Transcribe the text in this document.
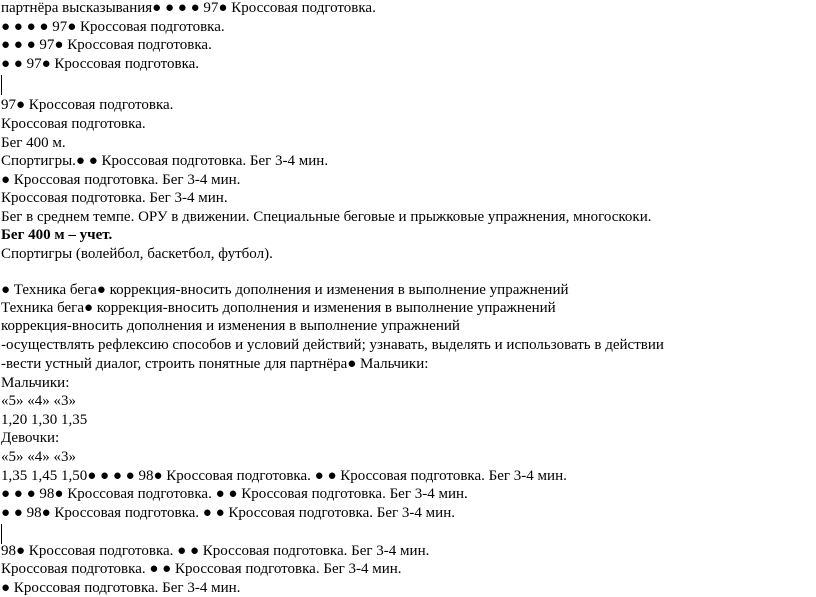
партнёра высказывания● ● ● ● 97● Кроссовая подготовка.
● ● ● ● 97● Кроссовая подготовка.
● ● ● 97● Кроссовая подготовка.
● ● 97● Кроссовая подготовка.
97● Кроссовая подготовка.
Кроссовая подготовка.
Бег 400 м.
Спортигры.● ● Кроссовая подготовка. Бег 3-4 мин.
● Кроссовая подготовка. Бег 3-4 мин.
Кроссовая подготовка. Бег 3-4 мин.
Бег в среднем темпе. ОРУ в движении. Специальные беговые и прыжковые упражнения, многоскоки.
Бег 400 м – учет.
Спортигры (волейбол, баскетбол, футбол).
● Техника бега● коррекция-вносить дополнения и изменения в выполнение упражнений
Техника бега● коррекция-вносить дополнения и изменения в выполнение упражнений
коррекция-вносить дополнения и изменения в выполнение упражнений
-осуществлять рефлексию способов и условий действий; узнавать, выделять и использовать в действии
-вести устный диалог, строить понятные для партнёра● Мальчики:
Мальчики:
«5» «4» «3»
1,20 1,30 1,35
Девочки:
«5» «4» «3»
1,35 1,45 1,50● ● ● ● 98● Кроссовая подготовка. ● ● Кроссовая подготовка. Бег 3-4 мин.
● ● ● 98● Кроссовая подготовка. ● ● Кроссовая подготовка. Бег 3-4 мин.
● ● 98● Кроссовая подготовка. ● ● Кроссовая подготовка. Бег 3-4 мин.
98● Кроссовая подготовка. ● ● Кроссовая подготовка. Бег 3-4 мин.
Кроссовая подготовка. ● ● Кроссовая подготовка. Бег 3-4 мин.
● Кроссовая подготовка. Бег 3-4 мин.
